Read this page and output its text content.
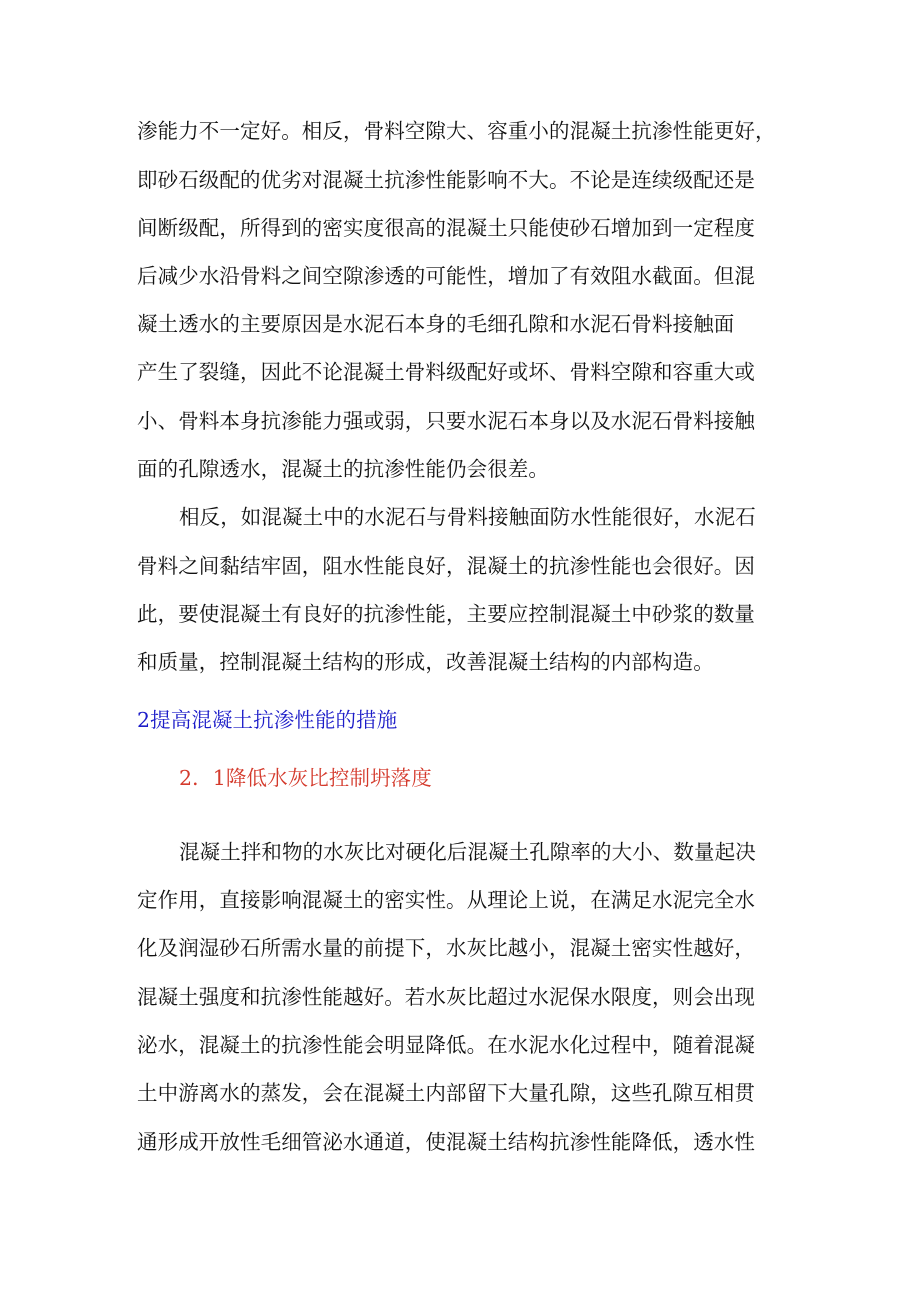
渗能力不一定好。相反，骨料空隙大、容重小的混凝土抗渗性能更好，
即砂石级配的优劣对混凝土抗渗性能影响不大。不论是连续级配还是
间断级配，所得到的密实度很高的混凝土只能使砂石增加到一定程度
后减少水沿骨料之间空隙渗透的可能性，增加了有效阻水截面。但混
凝土透水的主要原因是水泥石本身的毛细孔隙和水泥石骨料接触面
产生了裂缝，因此不论混凝土骨料级配好或坏、骨料空隙和容重大或
小、骨料本身抗渗能力强或弱，只要水泥石本身以及水泥石骨料接触
面的孔隙透水，混凝土的抗渗性能仍会很差。
相反，如混凝土中的水泥石与骨料接触面防水性能很好，水泥石
骨料之间黏结牢固，阻水性能良好，混凝土的抗渗性能也会很好。因
此，要使混凝土有良好的抗渗性能，主要应控制混凝土中砂浆的数量
和质量，控制混凝土结构的形成，改善混凝土结构的内部构造。
2提高混凝土抗渗性能的措施
2．1降低水灰比控制坍落度
混凝土拌和物的水灰比对硬化后混凝土孔隙率的大小、数量起决
定作用，直接影响混凝土的密实性。从理论上说，在满足水泥完全水
化及润湿砂石所需水量的前提下，水灰比越小，混凝土密实性越好，
混凝土强度和抗渗性能越好。若水灰比超过水泥保水限度，则会出现
泌水，混凝土的抗渗性能会明显降低。在水泥水化过程中，随着混凝
土中游离水的蒸发，会在混凝土内部留下大量孔隙，这些孔隙互相贯
通形成开放性毛细管泌水通道，使混凝土结构抗渗性能降低，透水性
